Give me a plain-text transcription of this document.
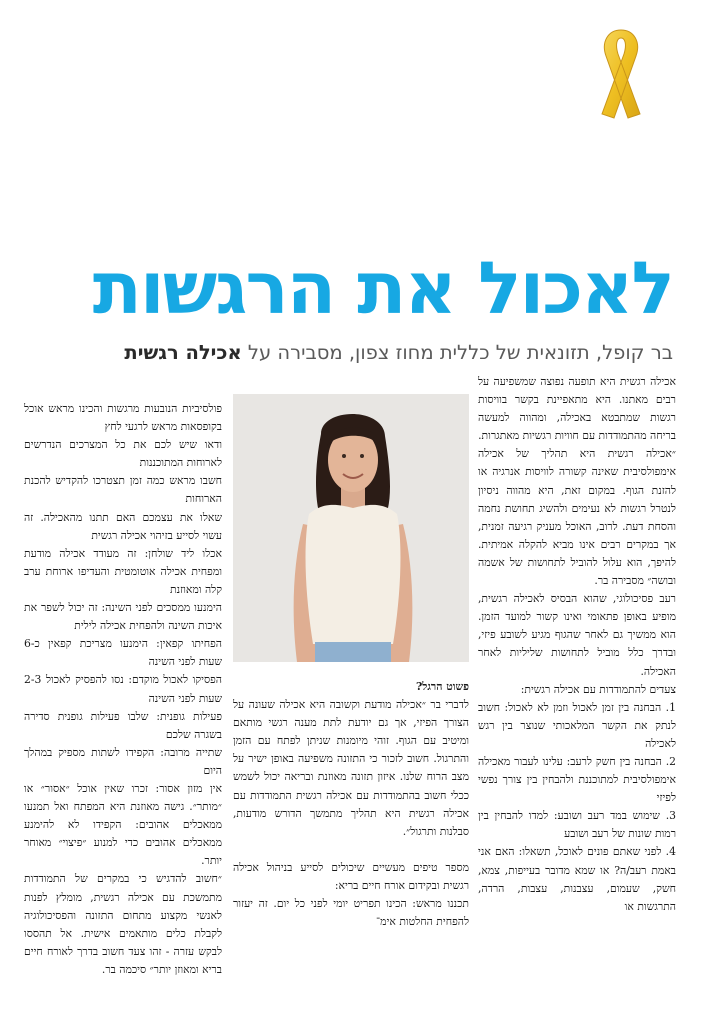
לאכול את הרגשות
בר קופל, תזונאית של כללית מחוז צפון, מסבירה על אכילה רגשית

אכילה רגשית היא תופעה נפוצה שמשפיעה על רבים מאתנו. היא מתאפיינת בקשר בוויסות רגשות שמתבטא באכילה, ומהווה למעשה בריחה מהתמודדות עם חוויות רגשיות מאתגרות.

״אכילה רגשית היא תהליך של אכילה אימפולסיבית שאינה קשורה לוויסות אנרגיה או להזנת הגוף. במקום זאת, היא מהווה ניסיון לנטרל רגשות לא נעימים ולהשיג תחושת נחמה והסחת דעת. לרוב, האוכל מעניק רגיעה זמנית, אך במקרים רבים אינו מביא להקלה אמיתית. להיפך, הוא עלול להוביל לתחושות של אשמה ובושה״ מסבירה בר.

רעב פסיכולוגי, שהוא הבסיס לאכילה רגשית, מופיע באופן פתאומי ואינו קשור למועד הזמן. הוא ממשיך גם לאחר שהגוף מגיע לשובע פיזי, ובדרך כלל מוביל לתחושות שליליות לאחר האכילה.

צעדים להתמודדות עם אכילה רגשית:

1. הבחנה בין זמן לאכול וזמן לא לאכול: חשוב לנתק את הקשר המלאכותי שנוצר בין רגש לאכילה

2. הבחנה בין חשק לרעב: עלינו לעבור מאכילה אימפולסיבית למתוכננת ולהבחין בין צורך נפשי לפיזי

3. שימוש במד רעב ושובע: למדו להבחין בין רמות שונות של רעב ושובע

4. לפני שאתם פונים לאוכל, תשאלו: האם אני באמת רעב/ה? או שמא מדובר בעייפות, צמא, חשק, שעמום, עצבנות, עצבות, הרדה, התרגשות או

פשוט הרגל?

לדברי בר ״אכילה מודעת וקשובה היא אכילה שעונה על הצורך הפיזי, אך גם יודעת לתת מענה רגשי מותאם ומיטיב עם הגוף. זוהי מיומנות שניתן לפתח עם הזמן והתרגול. חשוב לזכור כי התזונה משפיעה באופן ישיר על מצב הרוח שלנו. איזון תזונה מאוזנת ובריאה יכול לשמש ככלי חשוב בהתמודדות עם אכילה רגשית התמודדות עם אכילה רגשית היא תהליך מתמשך הדורש מודעות, סבלנות ותרגול״.

מספר טיפים מעשיים שיכולים לסייע בניהול אכילה רגשית ובקידום אורח חיים בריא:

תכננו מראש: הכינו תפריט יומי לפני כל יום. זה יעזור להפחית החלטות אימ־

פולסיביות הנובעות מרגשות והכינו מראש אוכל בקופסאות מראש לרגעי לחץ

ודאו שיש לכם את כל המצרכים הנדרשים לארוחות המתוכננות

חשבו מראש כמה זמן תצטרכו להקדיש להכנת הארוחות

שאלו את עצמכם האם תתנו מהאכילה. זה עשוי לסייע בזיהוי אכילה רגשית

אכלו ליד שולחן: זה מעודד אכילה מודעת ומפחית אכילה אוטומטית והעדיפו ארוחת ערב קלה ומאוזנת

הימנעו ממסכים לפני השינה: זה יכול לשפר את איכות השינה ולהפחית אכילה לילית

הפחיתו קפאין: הימנעו מצריכת קפאין כ-6 שעות לפני השינה

הפסיקו לאכול מוקדם: נסו להפסיק לאכול 2-3 שעות לפני השינה

פעילות גופנית: שלבו פעילות גופנית סדירה בשגרה שלכם

שתייה מרובה: הקפידו לשתות מספיק במהלך היום

אין מזון אסור: זכרו שאין אוכל ״אסור״ או ״מותר״. גישה מאוזנת היא המפתח ואל תמנעו ממאכלים אהובים: הקפידו לא להימנע ממאכלים אהובים כדי למנוע ״פיצוי״ מאוחר יותר.

״חשוב להדגיש כי במקרים של התמודדות מתמשכת עם אכילה רגשית, מומלץ לפנות לאנשי מקצוע מתחום התזונה והפסיכולוגיה לקבלת כלים מותאמים אישית. אל תהססו לבקש עזרה - זהו צעד חשוב בדרך לאורח חיים בריא ומאוזן יותר״ סיכמה בר.
